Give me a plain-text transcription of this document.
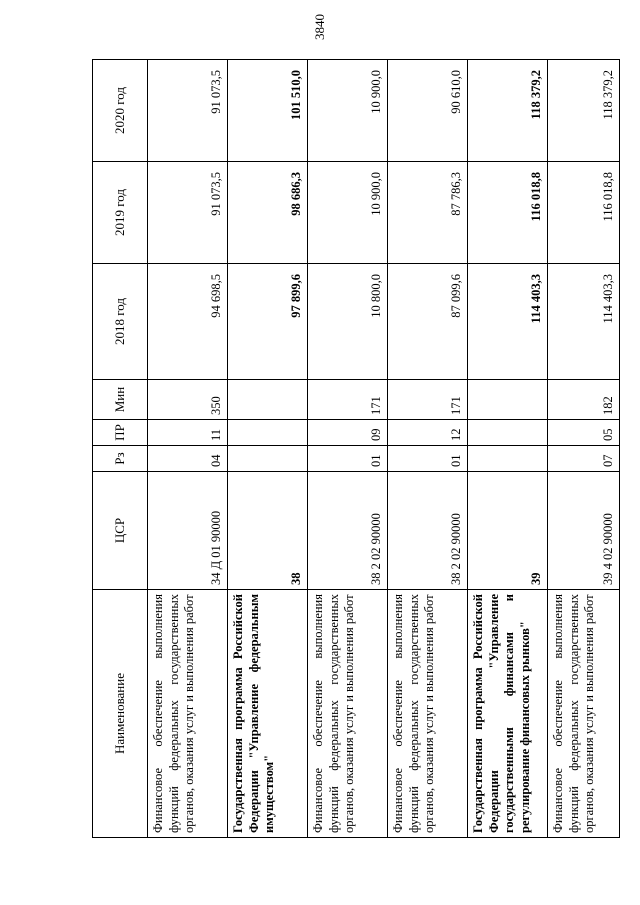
3840
Наименование	ЦСР	Рз	ПР	Мин	2018 год	2019 год	2020 год
Финансовое обеспечение выполнения функций федеральных государственных органов, оказания услуг и выполнения работ	34 Д 01 90000	04	11	350	94 698,5	91 073,5	91 073,5
Государственная программа Российской Федерации "Управление федеральным имуществом"	38				97 899,6	98 686,3	101 510,0
Финансовое обеспечение выполнения функций федеральных государственных органов, оказания услуг и выполнения работ	38 2 02 90000	01	09	171	10 800,0	10 900,0	10 900,0
Финансовое обеспечение выполнения функций федеральных государственных органов, оказания услуг и выполнения работ	38 2 02 90000	01	12	171	87 099,6	87 786,3	90 610,0
Государственная программа Российской Федерации "Управление государственными финансами и регулирование финансовых рынков"	39				114 403,3	116 018,8	118 379,2
Финансовое обеспечение выполнения функций федеральных государственных органов, оказания услуг и выполнения работ	39 4 02 90000	07	05	182	114 403,3	116 018,8	118 379,2
